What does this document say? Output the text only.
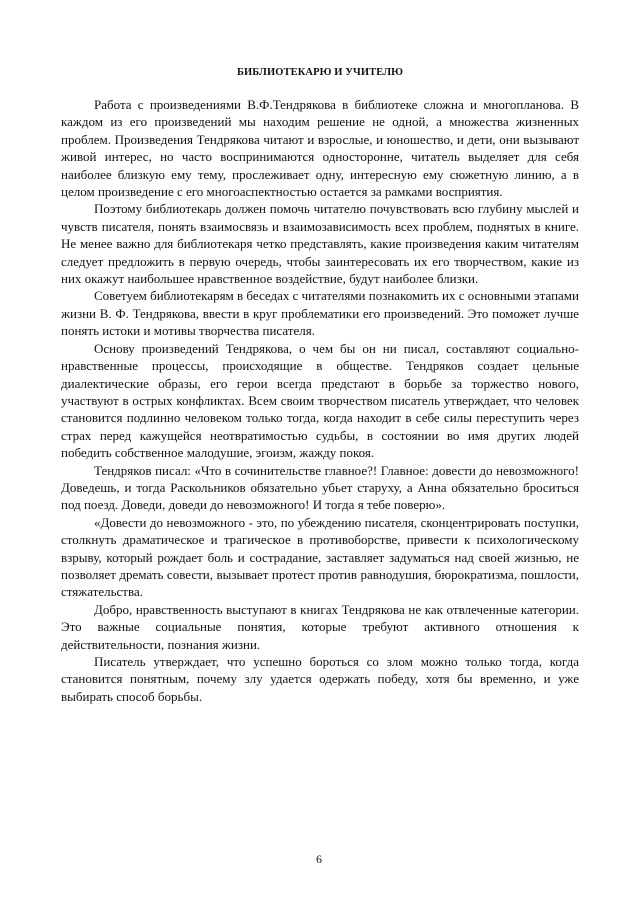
БИБЛИОТЕКАРЮ И УЧИТЕЛЮ

Работа с произведениями В.Ф.Тендрякова в библиотеке сложна и многопланова. В каждом из его произведений мы находим решение не одной, а множества жизненных проблем. Произведения Тендрякова читают и взрослые, и юношество, и дети, они вызывают живой интерес, но часто воспринимаются односторонне, читатель выделяет для себя наиболее близкую ему тему, прослеживает одну, интересную ему сюжетную линию, а в целом произведение с его многоаспектностью остается за рамками восприятия.

Поэтому библиотекарь должен помочь читателю почувствовать всю глубину мыслей и чувств писателя, понять взаимосвязь и взаимозависимость всех проблем, поднятых в книге. Не менее важно для библиотекаря четко представлять, какие произведения каким читателям следует предложить в первую очередь, чтобы заинтересовать их его творчеством, какие из них окажут наибольшее нравственное воздействие, будут наиболее близки.

Советуем библиотекарям в беседах с читателями познакомить их с основными этапами жизни В. Ф. Тендрякова, ввести в круг проблематики его произведений. Это поможет лучше понять истоки и мотивы творчества писателя.

Основу произведений Тендрякова, о чем бы он ни писал, составляют социально-нравственные процессы, происходящие в обществе. Тендряков создает цельные диалектические образы, его герои всегда предстают в борьбе за торжество нового, участвуют в острых конфликтах. Всем своим творчеством писатель утверждает, что человек становится подлинно человеком только тогда, когда находит в себе силы переступить через страх перед кажущейся неотвратимостью судьбы, в состоянии во имя других людей победить собственное малодушие, эгоизм, жажду покоя.

Тендряков писал: «Что в сочинительстве главное?! Главное: довести до невозможного! Доведешь, и тогда Раскольников обязательно убьет старуху, а Анна обязательно броситься под поезд. Доведи, доведи до невозможного! И тогда я тебе поверю».

«Довести до невозможного - это, по убеждению писателя, сконцентрировать поступки, столкнуть драматическое и трагическое в противоборстве, привести к психологическому взрыву, который рождает боль и сострадание, заставляет задуматься над своей жизнью, не позволяет дремать совести, вызывает протест против равнодушия, бюрократизма, пошлости, стяжательства.

Добро, нравственность выступают в книгах Тендрякова не как отвлеченные категории. Это важные социальные понятия, которые требуют активного отношения к действительности, познания жизни.

Писатель утверждает, что успешно бороться со злом можно только тогда, когда становится понятным, почему злу удается одержать победу, хотя бы временно, и уже выбирать способ борьбы.

6
